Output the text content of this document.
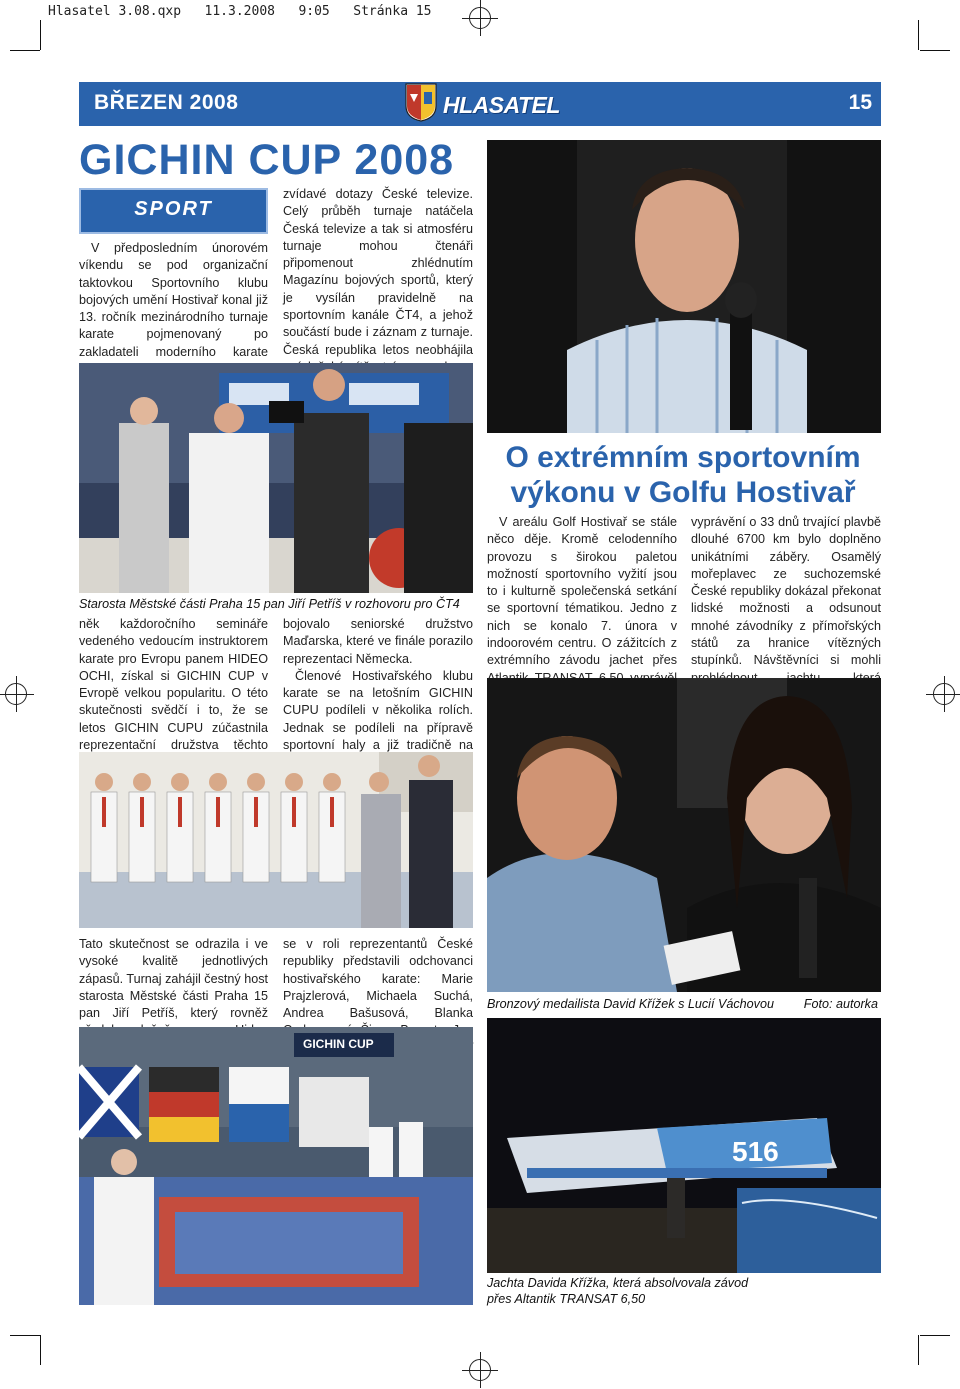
Hlasatel 3.08.qxp   11.3.2008   9:05   Stránka 15
BŘEZEN 2008	HLASATEL	15
GICHIN CUP 2008
SPORT

V předposledním únorovém víkendu se pod organizační taktovkou Sportovního klubu bojových umění Hostivař konal již 13. ročník mezinárodního turnaje karate pojmenovaný po zakladateli moderního karate

zvídavé dotazy České televize. Celý průběh turnaje natáčela Česká televize a tak si atmosféru turnaje mohou čtenáři připomenout zhlédnutím Magazínu bojových sportů, který je vysílán pravidelně na sportovním kanále ČT4, a jehož součástí bude i záznam z turnaje. Česká republika letos neobhájila

Starosta Městské části Praha 15 pan Jiří Petříš v rozhovoru pro ČT4

něk každoročního semináře vedeného vedoucím instruktorem karate pro Evropu panem HIDEO OCHI, získal si GICHIN CUP v Evropě velkou popularitu. O této skutečnosti svědčí i to, že se letos GICHIN CUPU zúčastnila reprezentační družstva těchto

bojovalo seniorské družstvo Maďarska, které ve finále porazilo reprezentaci Německa.

Členové Hostivařského klubu karate se na letošním GICHIN CUPU podíleli v několika rolích. Jednak se podíleli na přípravě sportovní haly a již tradičně na

Tato skutečnost se odrazila i ve vysoké kvalitě jednotlivých zápasů. Turnaj zahájil čestný host starosta Městské části Praha 15 pan Jiří Petříš, který rovněž

se v roli reprezentantů České republiky představili odchovanci hostivařského karate: Marie Prajzlerová, Michaela Suchá, Andrea Bašusová, Blanka

GICHIN CUP
O extrémním sportovním
výkonu v Golfu Hostivař

V areálu Golf Hostivař se stále něco děje. Kromě celodenního provozu s širokou paletou možností sportovního vyžití jsou to i kulturně společenská setkání se sportovní tématikou. Jedno z nich se konalo 7. února v indoorovém centru. O zážitcích z extrémního závodu jachet přes

vyprávění o 33 dnů trvající plavbě dlouhé 6700 km bylo doplněno unikátními záběry. Osamělý mořeplavec ze suchozemské České republiky dokázal překonat lidské možnosti a odsunout mnohé závodníky z přímořských států za hranice vítězných stupínků. Návštěvníci si mohli

Bronzový medailista David Křížek s Lucií Váchovou Foto: autorka
516
Jachta Davida Křížka, která absolvovala závod
přes Altantik TRANSAT 6,50
